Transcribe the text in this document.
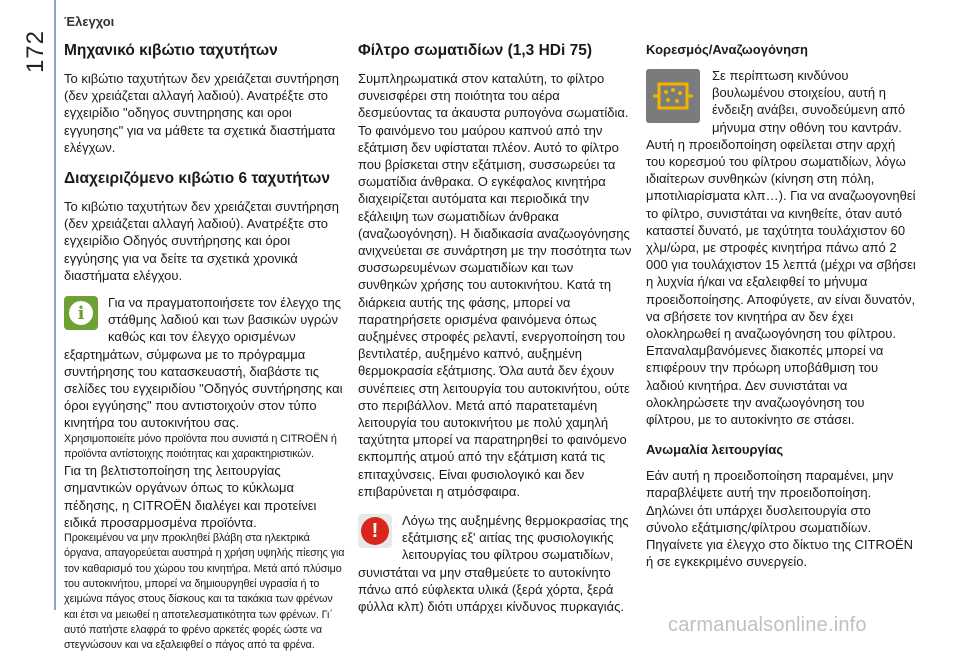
172
Έλεγχοι
Μηχανικό κιβώτιο ταχυτήτων

Το κιβώτιο ταχυτήτων δεν χρειάζεται συντήρηση (δεν χρειάζεται αλλαγή λαδιού). Ανατρέξτε στο εγχειρίδιο "οδηγος συντηρησης και οροι εγγυησης" για να μάθετε τα σχετικά διαστήματα ελέγχων.

Διαχειριζόμενο κιβώτιο 6 ταχυτήτων

Το κιβώτιο ταχυτήτων δεν χρειάζεται συντήρηση (δεν χρειάζεται αλλαγή λαδιού). Ανατρέξτε στο εγχειρίδιο Οδηγός συντήρησης και όροι εγγύησης για να δείτε τα σχετικά χρονικά διαστήματα ελέγχου.

i	Για να πραγματοποιήσετε τον έλεγχο της στάθμης λαδιού και των βασικών υγρών καθώς και τον έλεγχο ορισμένων εξαρτημάτων, σύμφωνα με το πρόγραμμα συντήρησης του κατασκευαστή, διαβάστε τις σελίδες του εγχειριδίου "Οδηγός συντήρησης και όροι εγγύησης" που αντιστοιχούν στον τύπο κινητήρα του αυτοκινήτου σας.

Χρησιμοποιείτε μόνο προϊόντα που συνιστά η CITROËN ή προϊόντα αντίστοιχης ποιότητας και χαρακτηριστικών.

Για τη βελτιστοποίηση της λειτουργίας σημαντικών οργάνων όπως το κύκλωμα πέδησης, η CITROËN διαλέγει και προτείνει ειδικά προσαρμοσμένα προϊόντα.

Προκειμένου να μην προκληθεί βλάβη στα ηλεκτρικά όργανα, απαγορεύεται αυστηρά η χρήση υψηλής πίεσης για τον καθαρισμό του χώρου του κινητήρα. Μετά από πλύσιμο του αυτοκινήτου, μπορεί να δημιουργηθεί υγρασία ή το χειμώνα πάγος στους δίσκους και τα τακάκια των φρένων και έτσι να μειωθεί η αποτελεσματικότητα των φρένων. Γι΄ αυτό πατήστε ελαφρά το φρένο αρκετές φορές ώστε να στεγνώσουν και να εξαλειφθεί ο πάγος από τα φρένα.

Φίλτρο σωματιδίων (1,3 HDi 75)

Συμπληρωματικά στον καταλύτη, το φίλτρο συνεισφέρει στη ποιότητα του αέρα δεσμεύοντας τα άκαυστα ρυπογόνα σωματίδια. Το φαινόμενο του μαύρου καπνού από την εξάτμιση δεν υφίσταται πλέον. Αυτό το φίλτρο που βρίσκεται στην εξάτμιση, συσσωρεύει τα σωματίδια άνθρακα. Ο εγκέφαλος κινητήρα διαχειρίζεται αυτόματα και περιοδικά την εξάλειψη των σωματιδίων άνθρακα (αναζωογόνηση). Η διαδικασία αναζωογόνησης ανιχνεύεται σε συνάρτηση με την ποσότητα των συσσωρευμένων σωματιδίων και των συνθηκών χρήσης του αυτοκινήτου. Κατά τη διάρκεια αυτής της φάσης, μπορεί να παρατηρήσετε ορισμένα φαινόμενα όπως αυξημένες στροφές ρελαντί, ενεργοποίηση του βεντιλατέρ, αυξημένο καπνό, αυξημένη θερμοκρασία εξάτμισης. Όλα αυτά δεν έχουν συνέπειες στη λειτουργία του αυτοκινήτου, ούτε στο περιβάλλον. Μετά από παρατεταμένη λειτουργία του αυτοκινήτου με πολύ χαμηλή ταχύτητα μπορεί να παρατηρηθεί το φαινόμενο εκπομπής ατμού από την εξάτμιση κατά τις επιταχύνσεις. Είναι φυσιολογικό και δεν επιβαρύνεται η ατμόσφαιρα.

!	Λόγω της αυξημένης θερμοκρασίας της εξάτμισης εξ' αιτίας της φυσιολογικής λειτουργίας του φίλτρου σωματιδίων, συνιστάται να μην σταθμεύετε το αυτοκίνητο πάνω από εύφλεκτα υλικά (ξερά χόρτα, ξερά φύλλα κλπ) διότι υπάρχει κίνδυνος πυρκαγιάς.

Κορεσμός/Αναζωογόνηση

Σε περίπτωση κινδύνου βουλωμένου στοιχείου, αυτή η ένδειξη ανάβει, συνοδεύμενη από μήνυμα στην οθόνη του καντράν.

Αυτή η προειδοποίηση οφείλεται στην αρχή του κορεσμού του φίλτρου σωματιδίων, λόγω ιδιαίτερων συνθηκών (κίνηση στη πόλη, μποτιλιαρίσματα κλπ…). Για να αναζωογονηθεί το φίλτρο, συνιστάται να κινηθείτε, όταν αυτό καταστεί δυνατό, με ταχύτητα τουλάχιστον 60 χλμ/ώρα, με στροφές κινητήρα πάνω από 2 000 για τουλάχιστον 15 λεπτά (μέχρι να σβήσει η λυχνία ή/και να εξαλειφθεί το μήνυμα προειδοποίησης. Αποφύγετε, αν είναι δυνατόν, να σβήσετε τον κινητήρα αν δεν έχει ολοκληρωθεί η αναζωογόνηση του φίλτρου. Επαναλαμβανόμενες διακοπές μπορεί να επιφέρουν την πρόωρη υποβάθμιση του λαδιού κινητήρα. Δεν συνιστάται να ολοκληρώσετε την αναζωογόνηση του φίλτρου, με το αυτοκίνητο σε στάσει.

Ανωμαλία λειτουργίας

Εάν αυτή η προειδοποίηση παραμένει, μην παραβλέψετε αυτή την προειδοποίηση. Δηλώνει ότι υπάρχει δυσλειτουργία στο σύνολο εξάτμισης/φίλτρου σωματιδίων. Πηγαίνετε για έλεγχο στο δίκτυο της CITROËN ή σε εγκεκριμένο συνεργείο.

carmanualsonline.info
